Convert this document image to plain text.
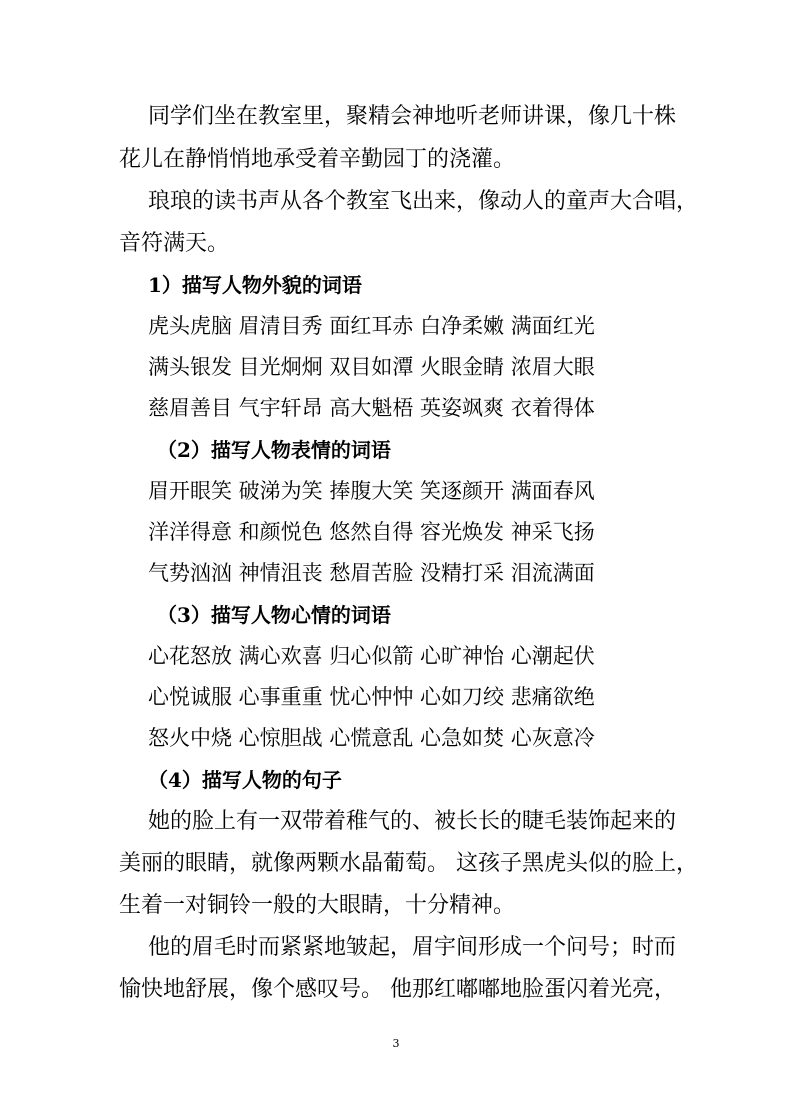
同学们坐在教室里，聚精会神地听老师讲课，像几十株
花儿在静悄悄地承受着辛勤园丁的浇灌。
琅琅的读书声从各个教室飞出来，像动人的童声大合唱，
音符满天。
1）描写人物外貌的词语
虎头虎脑 眉清目秀 面红耳赤 白净柔嫩 满面红光
满头银发 目光炯炯 双目如潭 火眼金睛 浓眉大眼
慈眉善目 气宇轩昂 高大魁梧 英姿飒爽 衣着得体
（2）描写人物表情的词语
眉开眼笑 破涕为笑 捧腹大笑 笑逐颜开 满面春风
洋洋得意 和颜悦色 悠然自得 容光焕发 神采飞扬
气势汹汹 神情沮丧 愁眉苦脸 没精打采 泪流满面
（3）描写人物心情的词语
心花怒放 满心欢喜 归心似箭 心旷神怡 心潮起伏
心悦诚服 心事重重 忧心忡忡 心如刀绞 悲痛欲绝
怒火中烧 心惊胆战 心慌意乱 心急如焚 心灰意冷
（4）描写人物的句子
她的脸上有一双带着稚气的、被长长的睫毛装饰起来的
美丽的眼睛，就像两颗水晶葡萄。 这孩子黑虎头似的脸上，
生着一对铜铃一般的大眼睛，十分精神。
他的眉毛时而紧紧地皱起，眉宇间形成一个问号；时而
愉快地舒展，像个感叹号。 他那红嘟嘟地脸蛋闪着光亮，
3
